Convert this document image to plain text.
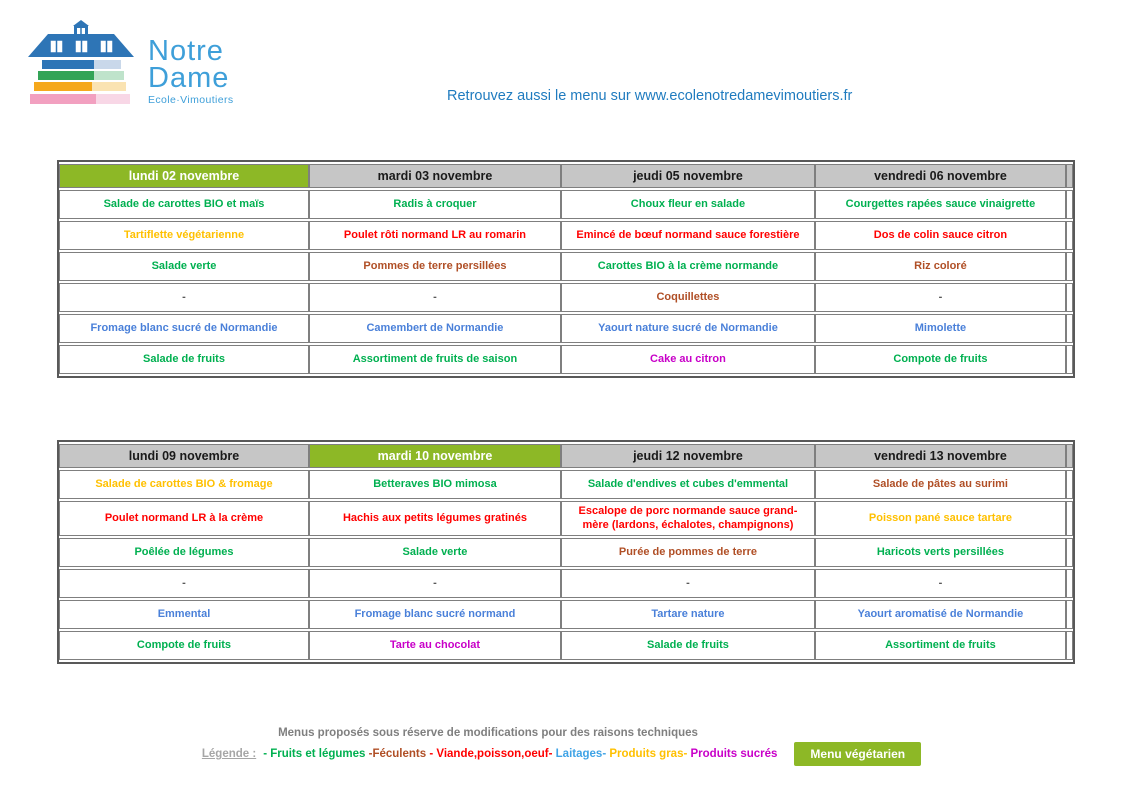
Notre
Dame
Ecole·Vimoutiers	Retrouvez aussi le menu sur www.ecolenotredamevimoutiers.fr
lundi 02 novembre	mardi 03 novembre	jeudi 05 novembre	vendredi 06 novembre	
Salade de carottes BIO et maïs	Radis à croquer	Choux fleur en salade	Courgettes rapées sauce vinaigrette	
Tartiflette végétarienne	Poulet rôti normand LR au romarin	Emincé de bœuf normand sauce forestière	Dos de colin sauce citron	
Salade verte	Pommes de terre persillées	Carottes BIO à la crème normande	Riz coloré	
-	-	Coquillettes	-	
Fromage blanc sucré de Normandie	Camembert de Normandie	Yaourt nature sucré de Normandie	Mimolette	
Salade de fruits	Assortiment de fruits de saison	Cake au citron	Compote de fruits	
lundi 09 novembre	mardi 10 novembre	jeudi 12 novembre	vendredi 13 novembre	
Salade de carottes BIO & fromage	Betteraves BIO mimosa	Salade d'endives et cubes d'emmental	Salade de pâtes au surimi	
Poulet normand LR à la crème	Hachis aux petits légumes gratinés	Escalope de porc normande sauce grand-mère (lardons, échalotes, champignons)	Poisson pané sauce tartare	
Poêlée de légumes	Salade verte	Purée de pommes de terre	Haricots verts persillées	
-	-	-	-	
Emmental	Fromage blanc sucré normand	Tartare nature	Yaourt aromatisé de Normandie	
Compote de fruits	Tarte au chocolat	Salade de fruits	Assortiment de fruits	
Menus proposés sous réserve de modifications pour des raisons techniques
Légende : - Fruits et légumes -Féculents - Viande,poisson,oeuf- Laitages- Produits gras- Produits sucrés	Menu végétarien
